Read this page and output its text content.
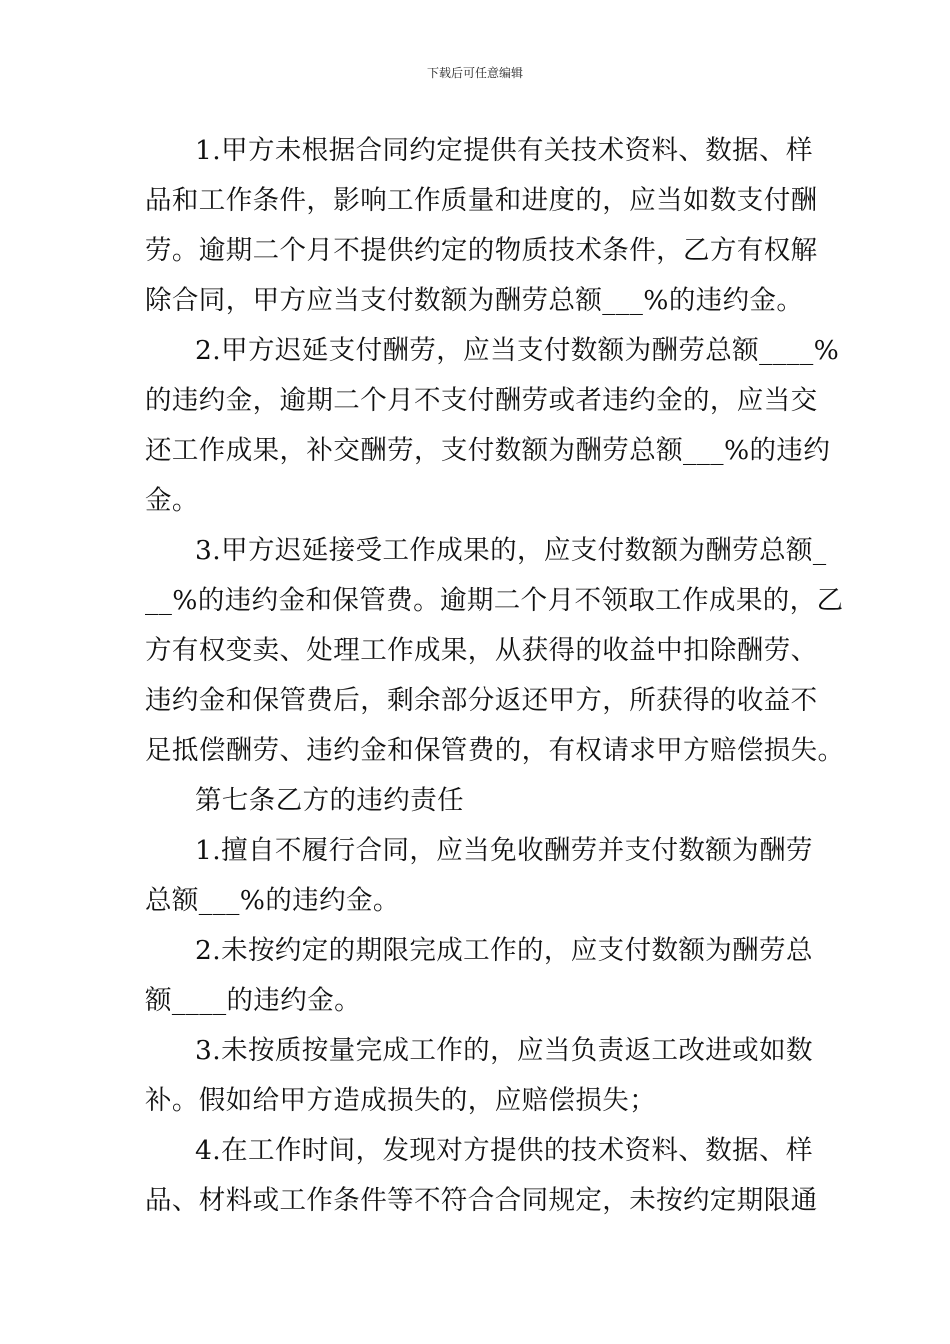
下载后可任意编辑
1.甲方未根据合同约定提供有关技术资料、数据、样
品和工作条件，影响工作质量和进度的，应当如数支付酬
劳。逾期二个月不提供约定的物质技术条件，乙方有权解
除合同，甲方应当支付数额为酬劳总额___%的违约金。
2.甲方迟延支付酬劳，应当支付数额为酬劳总额____%
的违约金，逾期二个月不支付酬劳或者违约金的，应当交
还工作成果，补交酬劳，支付数额为酬劳总额___%的违约
金。
3.甲方迟延接受工作成果的，应支付数额为酬劳总额_
__%的违约金和保管费。逾期二个月不领取工作成果的，乙
方有权变卖、处理工作成果，从获得的收益中扣除酬劳、
违约金和保管费后，剩余部分返还甲方，所获得的收益不
足抵偿酬劳、违约金和保管费的，有权请求甲方赔偿损失。
第七条乙方的违约责任
1.擅自不履行合同，应当免收酬劳并支付数额为酬劳
总额___%的违约金。
2.未按约定的期限完成工作的，应支付数额为酬劳总
额____的违约金。
3.未按质按量完成工作的，应当负责返工改进或如数
补。假如给甲方造成损失的，应赔偿损失；
4.在工作时间，发现对方提供的技术资料、数据、样
品、材料或工作条件等不符合合同规定，未按约定期限通
